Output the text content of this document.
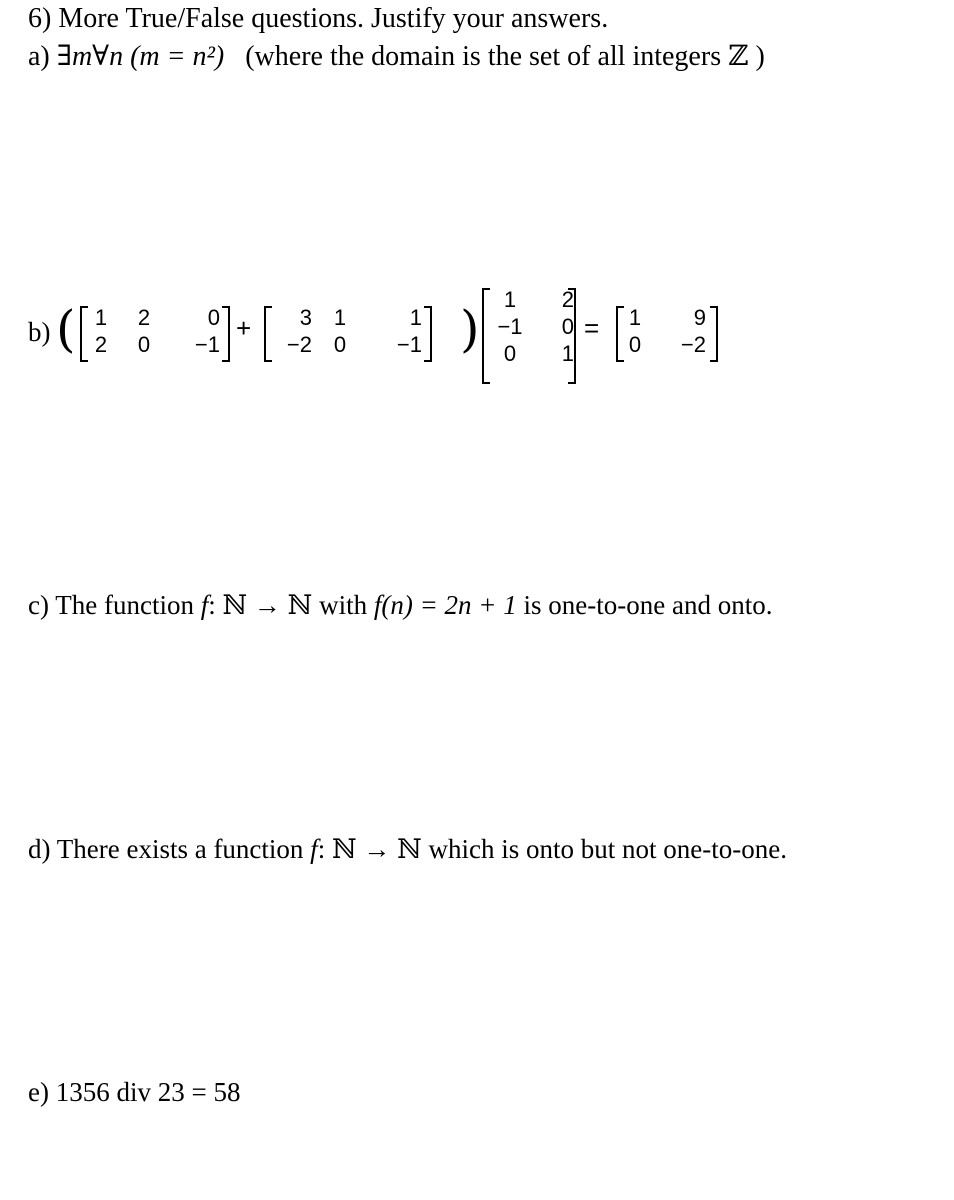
6) More True/False questions. Justify your answers.
a) ∃m∀n (m = n²) (where the domain is the set of all integers ℤ )
b) (	)
1	2	0
2	0	−1
+ 3	1	1
−2	0	−1
1	2
−1	0
0	1
= 1	9
0	−2
c) The function f: ℕ → ℕ with f(n) = 2n + 1 is one-to-one and onto.
d) There exists a function f: ℕ → ℕ which is onto but not one-to-one.
e) 1356 div 23 = 58
